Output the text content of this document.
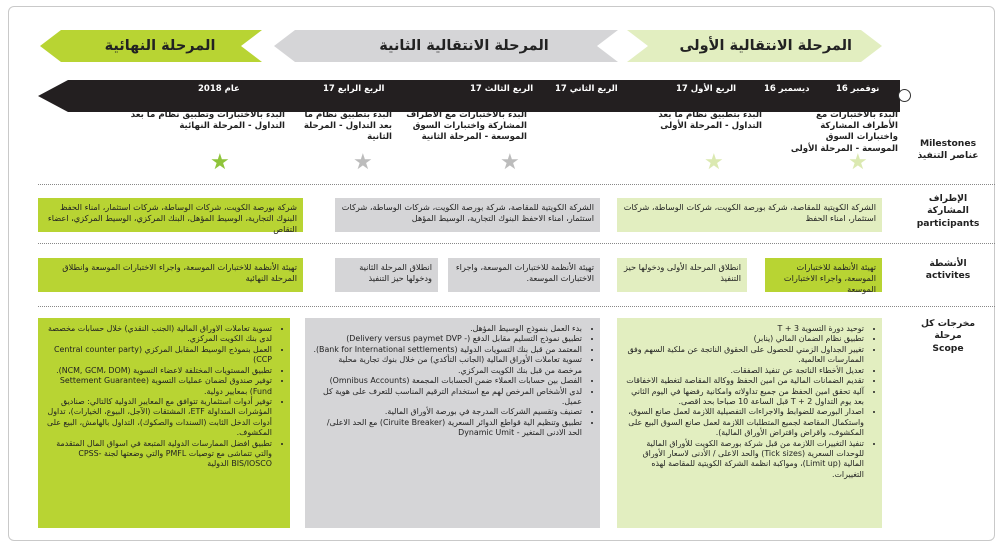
المرحلة الانتقالية الأولى
المرحلة الانتقالية الثانية
المرحلة النهائية
نوفمبر 16
ديسمبر 16
الربع الأول 17
الربع الثاني 17
الربع الثالث 17
الربع الرابع 17
عام 2018
البدء بالاختبارات مع الأطراف المشاركة واختبارات السوق الموسعة - المرحلة الأولى
البدء بتطبيق نظام ما بعد التداول - المرحلة الأولى
البدء بالاختبارات مع الاطراف المشاركة واختبارات السوق الموسعة - المرحلة الثانية
البدء بتطبيق نظام ما بعد التداول - المرحلة الثانية
البدء بالاختبارات وتطبيق نظام ما بعد التداول - المرحلة النهائية
★
★
★
★
★
Milestones
عناصر التنفيذ
الإطراف
المشاركة
participants
الأنشطة
activites
مخرجات كل
مرحلة
Scope
الشركة الكويتية للمقاصة، شركة بورصة الكويت، شركات الوساطة، شركات استثمار، امناء الحفظ
الشركة الكويتية للمقاصة، شركة بورصة الكويت، شركات الوساطة، شركات استثمار، امناء الاحفظ البنوك التجارية، الوسيط المؤهل
شركة بورصة الكويت، شركات الوساطة، شركات استثمار، امناء الحفظ البنوك التجارية، الوسيط المؤهل، البنك المركزي، الوسيط المركزي، اعضاء التقاص
تهيئة الأنظمة للاختبارات الموسعة، واجراء الاختبارات الموسعة
انطلاق المرحلة الأولى ودخولها حيز التنفيذ
تهيئة الأنظمة للاختبارات الموسعة، واجراء الاختبارات الموسعة.
انطلاق المرحلة الثانية ودخولها حيز التنفيذ
تهيئة الأنظمة للاختبارات الموسعة، واجراء الاختبارات الموسعة وانطلاق المرحلة النهائية
• توحيد دورة التسوية T + 3
• تطبيق نظام الضمان المالي (ينابر)
• تغيير الجداول الزمني للحصول على الحقوق الناتجة عن ملكية السهم وفق الممارسات العالمية.
• تعديل الأخطاء الناتجة عن تنفيذ الصفقات.
• تقديم الضمانات المالية من امين الحفظ ووكالة المقاصة لتغطية الاخفاقات
• آلية تحقق امين الحفظ من جميع تداولاته وامكانية رفضها في اليوم الثاني بعد يوم التداول T + 2 قبل الساعة 10 صباحا بحد اقصى.
• اصدار البورصة للضوابط والاجراءات التفصيلية اللازمة لعمل صانع السوق، واستكمال المقاصة لجميع المتطلبات اللازمة لعمل صانع السوق البيع على المكشوف، واقراض واقتراض الأوراق المالية).
• تنفيذ التغييرات اللازمة من قبل شركة بورصة الكويت للأوراق المالية للوحدات السعرية (Tick sizes) والحد الاعلى / الأدنى لاسعار الأوراق المالية (Limit up)، ومواكبة انظمة الشركة الكويتية للمقاصة لهذه التغييرات.
• بدء العمل بنموذج الوسيط المؤهل.
• تطبيق نموذج التسليم مقابل الدفع (- Delivery versus paymet DVP)
• المعتمد من قبل بنك التسويات الدولية (Bank for International settlements).
• تسوية تعاملات الأوراق المالية (الجانب التأكدي) من خلال بنوك تجارية محلية مرخصة من قبل بنك الكويت المركزي.
• الفصل بين حسابات العملاء ضمن الحسابات المجمعة (Omnibus Accounts)
• لدى الأشخاص المرخص لهم مع استخدام الترقيم المناسب للتعرف على هوية كل عميل.
• تصنيف وتقسيم الشركات المدرجة في بورصة الأوراق المالية.
• تطبيق وتنظيم الية قواطع الدوائر السعرية (Ciruite Breaker) مع الحد الاعلى/ الحد الادنى المتغير - Dynamic Umit
• تسوية تعاملات الاوراق المالية (الجنب النقدي) خلال حسابات مخصصة لدى بنك الكويت المركزي.
• العمل بنموذج الوسيط المقابل المركزي (Central counter party (CCP
• تطبيق المستويات المختلفة لاعضاء التسوية (NCM, GCM، DOM).
• توفير صندوق لضمان عمليات التسوية (Settement Guarantee Fund) بمعايير دولية.
• توفير أدوات استثمارية تتوافق مع المعايير الدولية كالتالي: صناديق المؤشرات المتداولة ETF، المشتقات (الآجل، البيوع، الخيارات)، تداول أدوات الدخل الثابت (السندات والصكوك)، التداول بالهامش، البيع على المكشوف.
• تطبيق افضل الممارسات الدولية المتبعة في اسواق المال المتقدمة والتي تتماشى مع توصيات PMFL والتي وضعتها لجنة CPSS-BIS/IOSCO الدولية
